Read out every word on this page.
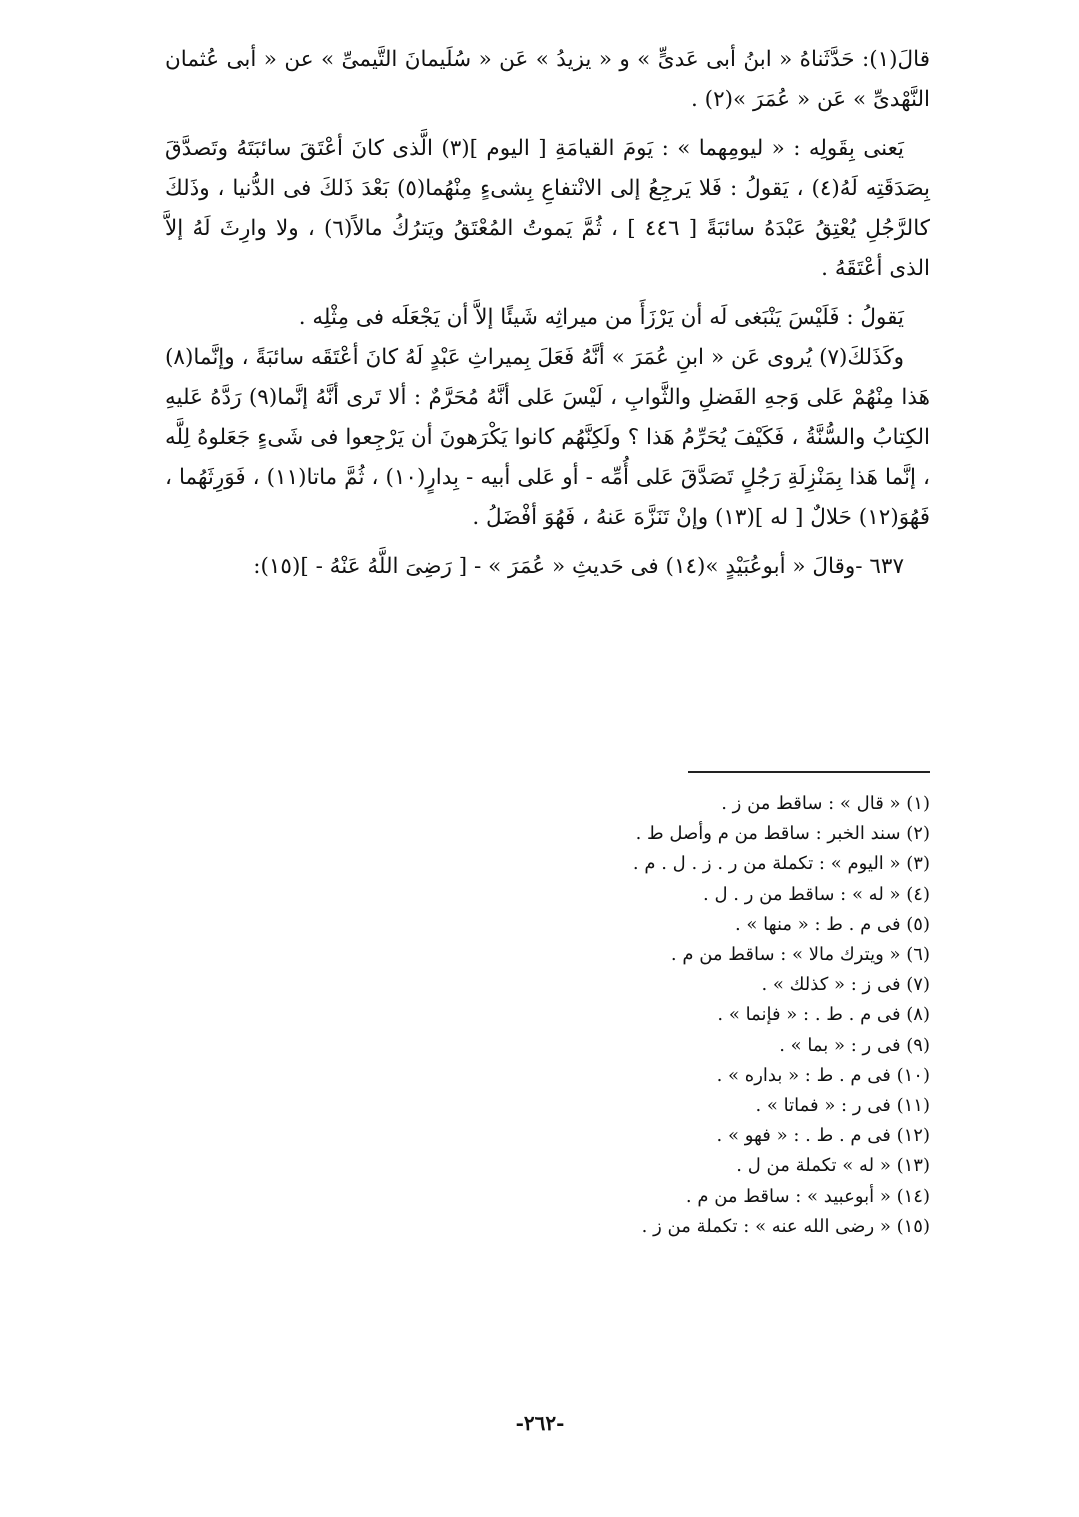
قالَ(١): حَدَّثَناهُ « ابنُ أبى عَدىٍّ » و « يزيدُ » عَن « سُلَيمانَ التَّيمىِّ » عن « أبى عُثمان النَّهْدىِّ » عَن « عُمَرَ »(٢) .

يَعنى بِقَولِه : « ليومِهما » : يَومَ القيامَةِ [ اليوم ](٣) الَّذى كانَ أعْتَقَ سائبَتَهُ وتَصدَّقَ بِصَدَقَتِه لَهُ(٤) ، يَقولُ : فَلا يَرجِعُ إلى الانْتفاعِ بِشىءٍ مِنْهُما(٥) بَعْدَ ذَلكَ فى الدُّنيا ، وذَلكَ كالرَّجُلِ يُعْتِقُ عَبْدَهُ سائبَةً [ ٤٤٦ ] ، ثُمَّ يَموتُ المُعْتَقُ ويَترُكُ مالاً(٦) ، ولا وارِثَ لَهُ إلاَّ الذى أعْتَقَهُ .

يَقولُ : فَلَيْسَ يَنْبَغى لَه أن يَرْزَأَ من ميراثِه شَيئًا إلاَّ أن يَجْعَلَه فى مِثْلِه .

وكَذَلكَ(٧) يُروى عَن « ابنِ عُمَرَ » أنَّهُ فَعَلَ بِميراثِ عَبْدٍ لَهُ كانَ أعْتَقَه سائبَةً ، وإنَّما(٨) هَذا مِنْهُمْ عَلى وَجهِ الفَضلِ والثَّوابِ ، لَيْسَ عَلى أنَّهُ مُحَرَّمٌ : ألا تَرى أنَّهُ إنَّما(٩) رَدَّهُ عَليهِ الكِتابُ والسُّنَّةُ ، فَكَيْفَ يُحَرِّمُ هَذا ؟ ولَكِنَّهُم كانوا يَكْرَهونَ أن يَرْجِعوا فى شَىءٍ جَعَلوهُ لِلَّه ، إنَّما هَذا بِمَنْزِلَةِ رَجُلٍ تَصَدَّقَ عَلى أُمِّه - أو عَلى أبيه - بِدارٍ(١٠) ، ثُمَّ ماتا(١١) ، فَوَرِثَهُما ، فَهُوَ(١٢) حَلالٌ [ له ](١٣) وإنْ تَنَزَّهَ عَنهُ ، فَهُوَ أفْضَلُ .

٦٣٧ -وقالَ « أبوعُبَيْدٍ »(١٤) فى حَديثِ « عُمَرَ » - [ رَضِىَ اللَّهُ عَنْهُ - ](١٥):

(١) « قال » : ساقط من ز .
(٢) سند الخبر : ساقط من م وأصل ط .
(٣) « اليوم » : تكملة من ر . ز . ل . م .
(٤) « له » : ساقط من ر . ل .
(٥) فى م . ط : « منها » .
(٦) « ويترك مالا » : ساقط من م .
(٧) فى ز : « كذلك » .
(٨) فى م . ط . : « فإنما » .
(٩) فى ر : « بما » .
(١٠) فى م . ط : « بداره » .
(١١) فى ر : « فماتا » .
(١٢) فى م . ط . : « فهو » .
(١٣) « له » تكملة من ل .
(١٤) « أبوعبيد » : ساقط من م .
(١٥) « رضى الله عنه » : تكملة من ز .
-٢٦٢-
